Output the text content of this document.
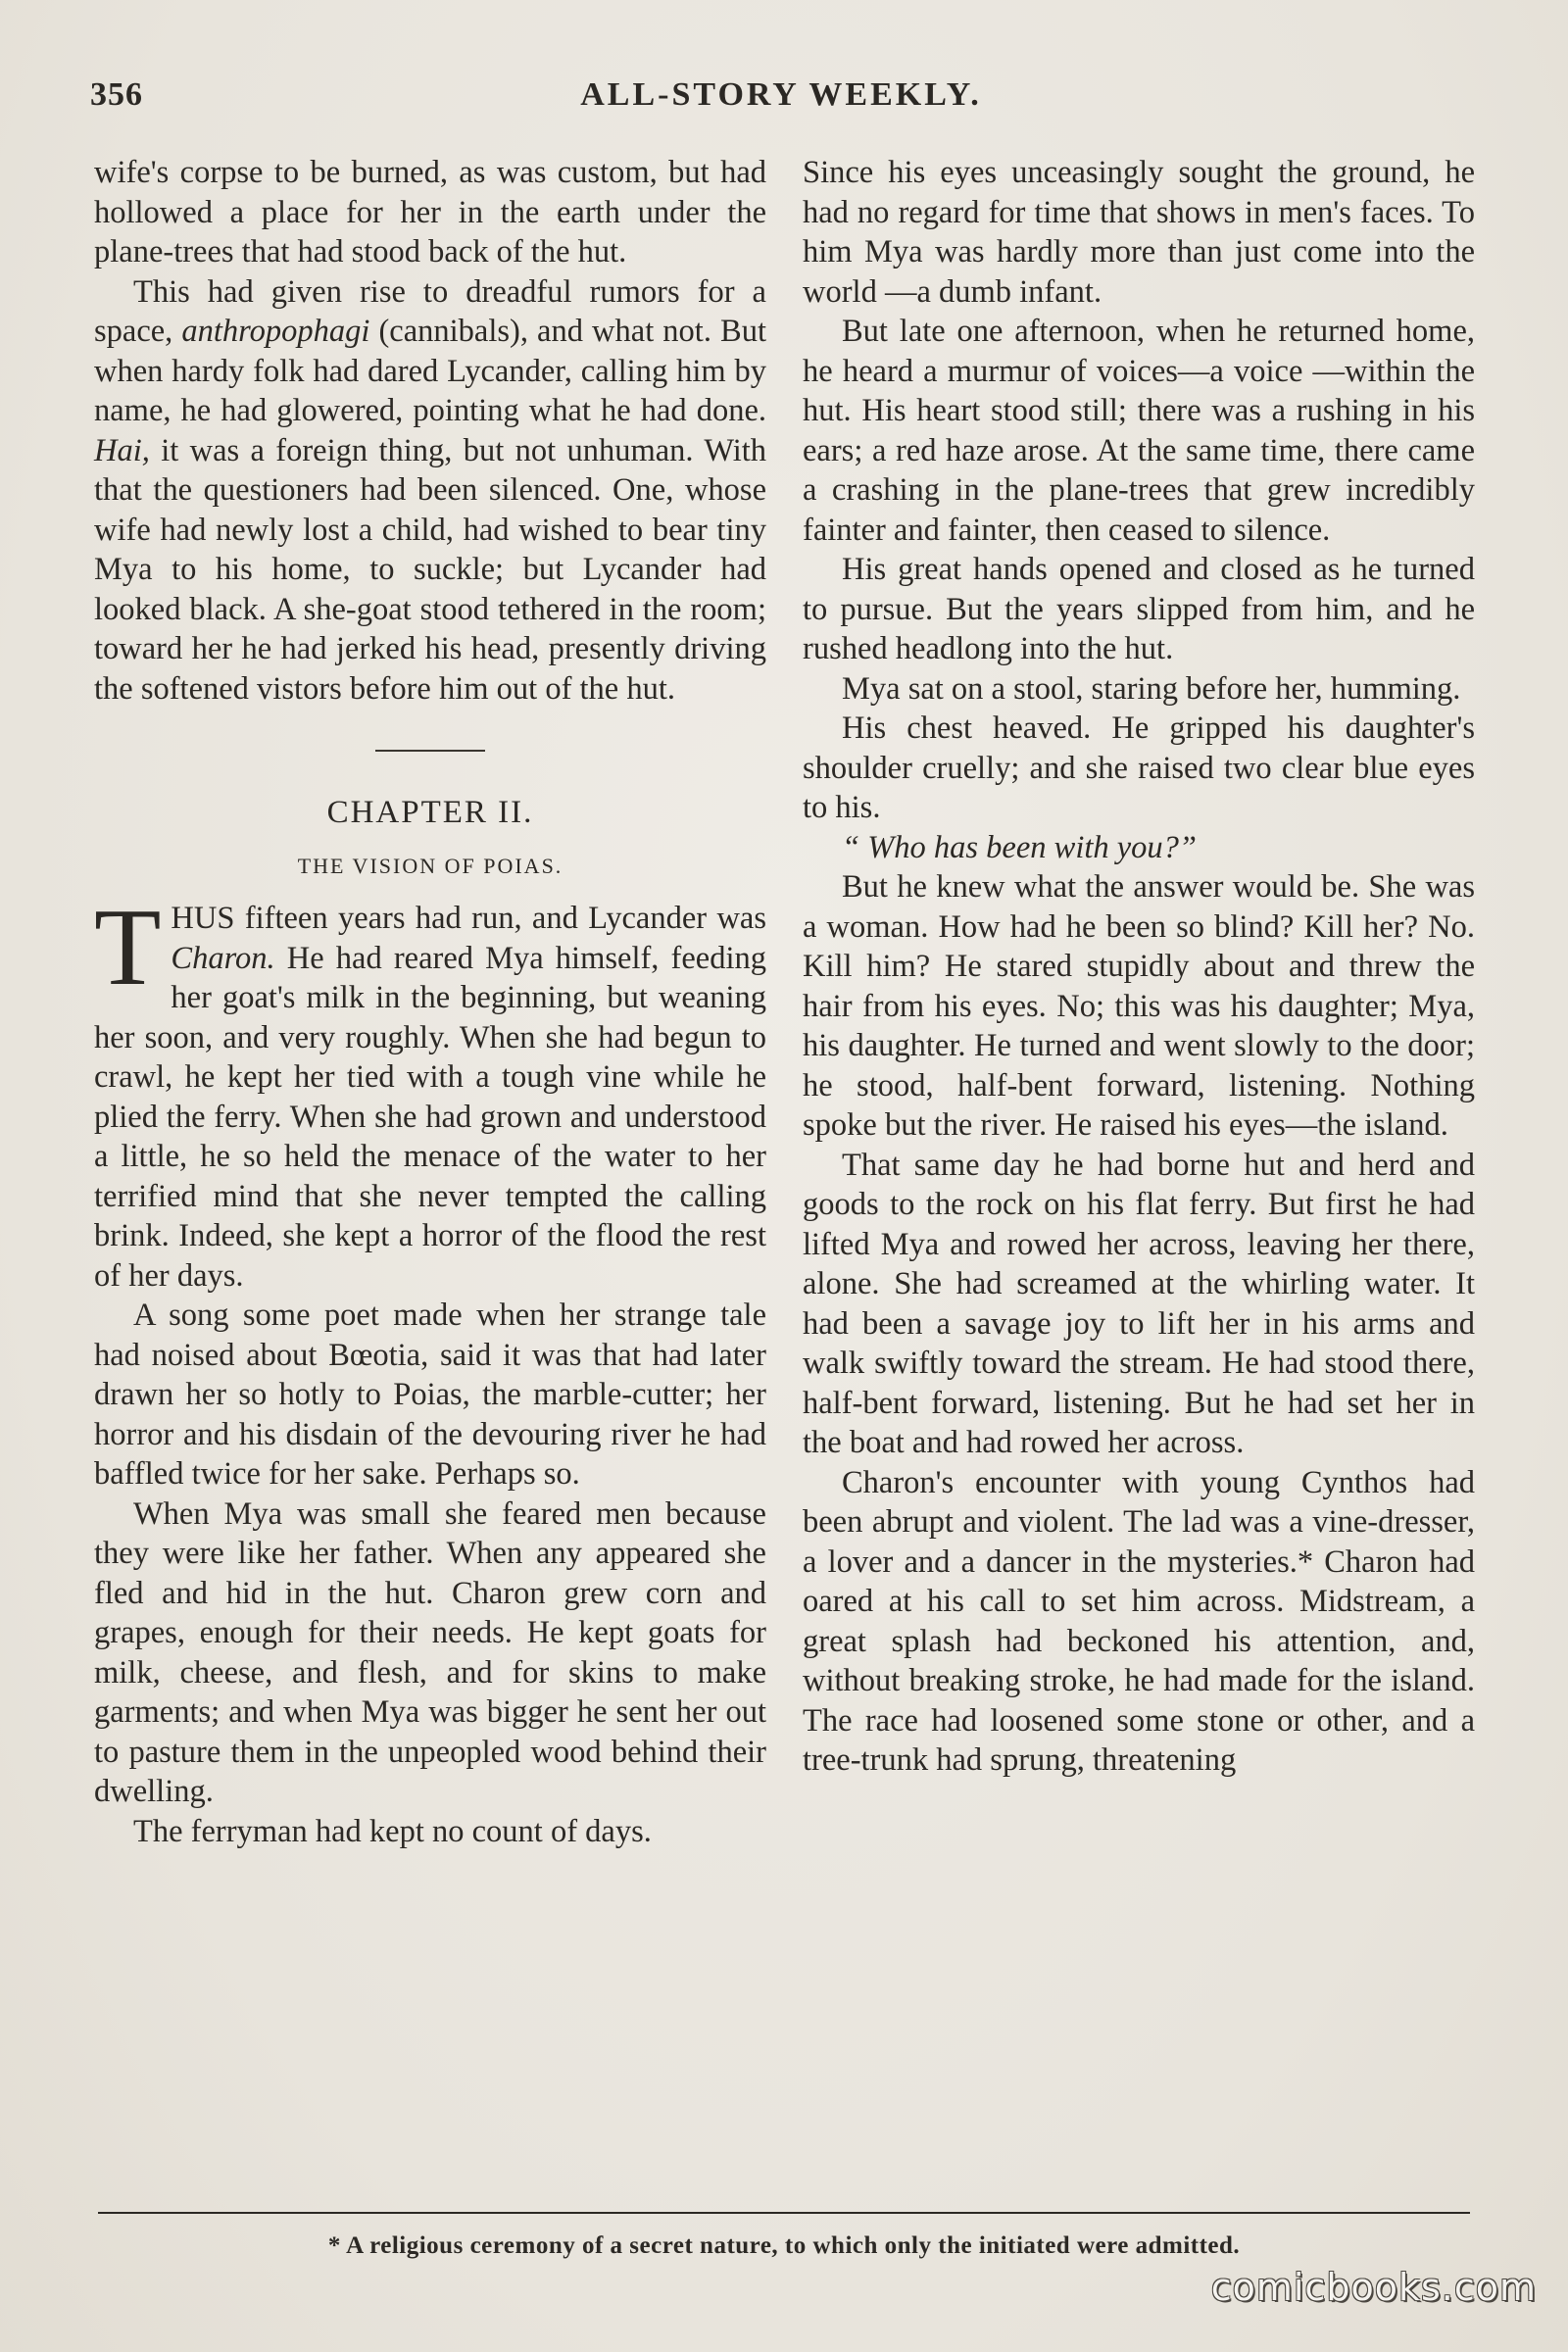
356	ALL-STORY WEEKLY.

wife's corpse to be burned, as was custom, but had hollowed a place for her in the earth under the plane-trees that had stood back of the hut.

This had given rise to dreadful rumors for a space, anthropophagi (cannibals), and what not. But when hardy folk had dared Lycander, calling him by name, he had glowered, pointing what he had done. Hai, it was a foreign thing, but not unhuman. With that the questioners had been silenced. One, whose wife had newly lost a child, had wished to bear tiny Mya to his home, to suckle; but Lycander had looked black. A she-goat stood tethered in the room; toward her he had jerked his head, presently driving the softened vistors before him out of the hut.

CHAPTER II.
THE VISION OF POIAS.

THUS fifteen years had run, and Lycander was Charon. He had reared Mya himself, feeding her goat's milk in the beginning, but weaning her soon, and very roughly. When she had begun to crawl, he kept her tied with a tough vine while he plied the ferry. When she had grown and understood a little, he so held the menace of the water to her terrified mind that she never tempted the calling brink. Indeed, she kept a horror of the flood the rest of her days.

A song some poet made when her strange tale had noised about Bœotia, said it was that had later drawn her so hotly to Poias, the marble-cutter; her horror and his disdain of the devouring river he had baffled twice for her sake. Perhaps so.

When Mya was small she feared men because they were like her father. When any appeared she fled and hid in the hut. Charon grew corn and grapes, enough for their needs. He kept goats for milk, cheese, and flesh, and for skins to make garments; and when Mya was bigger he sent her out to pasture them in the unpeopled wood behind their dwelling.

The ferryman had kept no count of days.

Since his eyes unceasingly sought the ground, he had no regard for time that shows in men's faces. To him Mya was hardly more than just come into the world —a dumb infant.

But late one afternoon, when he returned home, he heard a murmur of voices—a voice —within the hut. His heart stood still; there was a rushing in his ears; a red haze arose. At the same time, there came a crashing in the plane-trees that grew incredibly fainter and fainter, then ceased to silence.

His great hands opened and closed as he turned to pursue. But the years slipped from him, and he rushed headlong into the hut.

Mya sat on a stool, staring before her, humming.

His chest heaved. He gripped his daughter's shoulder cruelly; and she raised two clear blue eyes to his.

“ Who has been with you?”

But he knew what the answer would be. She was a woman. How had he been so blind? Kill her? No. Kill him? He stared stupidly about and threw the hair from his eyes. No; this was his daughter; Mya, his daughter. He turned and went slowly to the door; he stood, half-bent forward, listening. Nothing spoke but the river. He raised his eyes—the island.

That same day he had borne hut and herd and goods to the rock on his flat ferry. But first he had lifted Mya and rowed her across, leaving her there, alone. She had screamed at the whirling water. It had been a savage joy to lift her in his arms and walk swiftly toward the stream. He had stood there, half-bent forward, listening. But he had set her in the boat and had rowed her across.

Charon's encounter with young Cynthos had been abrupt and violent. The lad was a vine-dresser, a lover and a dancer in the mysteries.* Charon had oared at his call to set him across. Midstream, a great splash had beckoned his attention, and, without breaking stroke, he had made for the island. The race had loosened some stone or other, and a tree-trunk had sprung, threatening

* A religious ceremony of a secret nature, to which only the initiated were admitted.
comicbooks.com
